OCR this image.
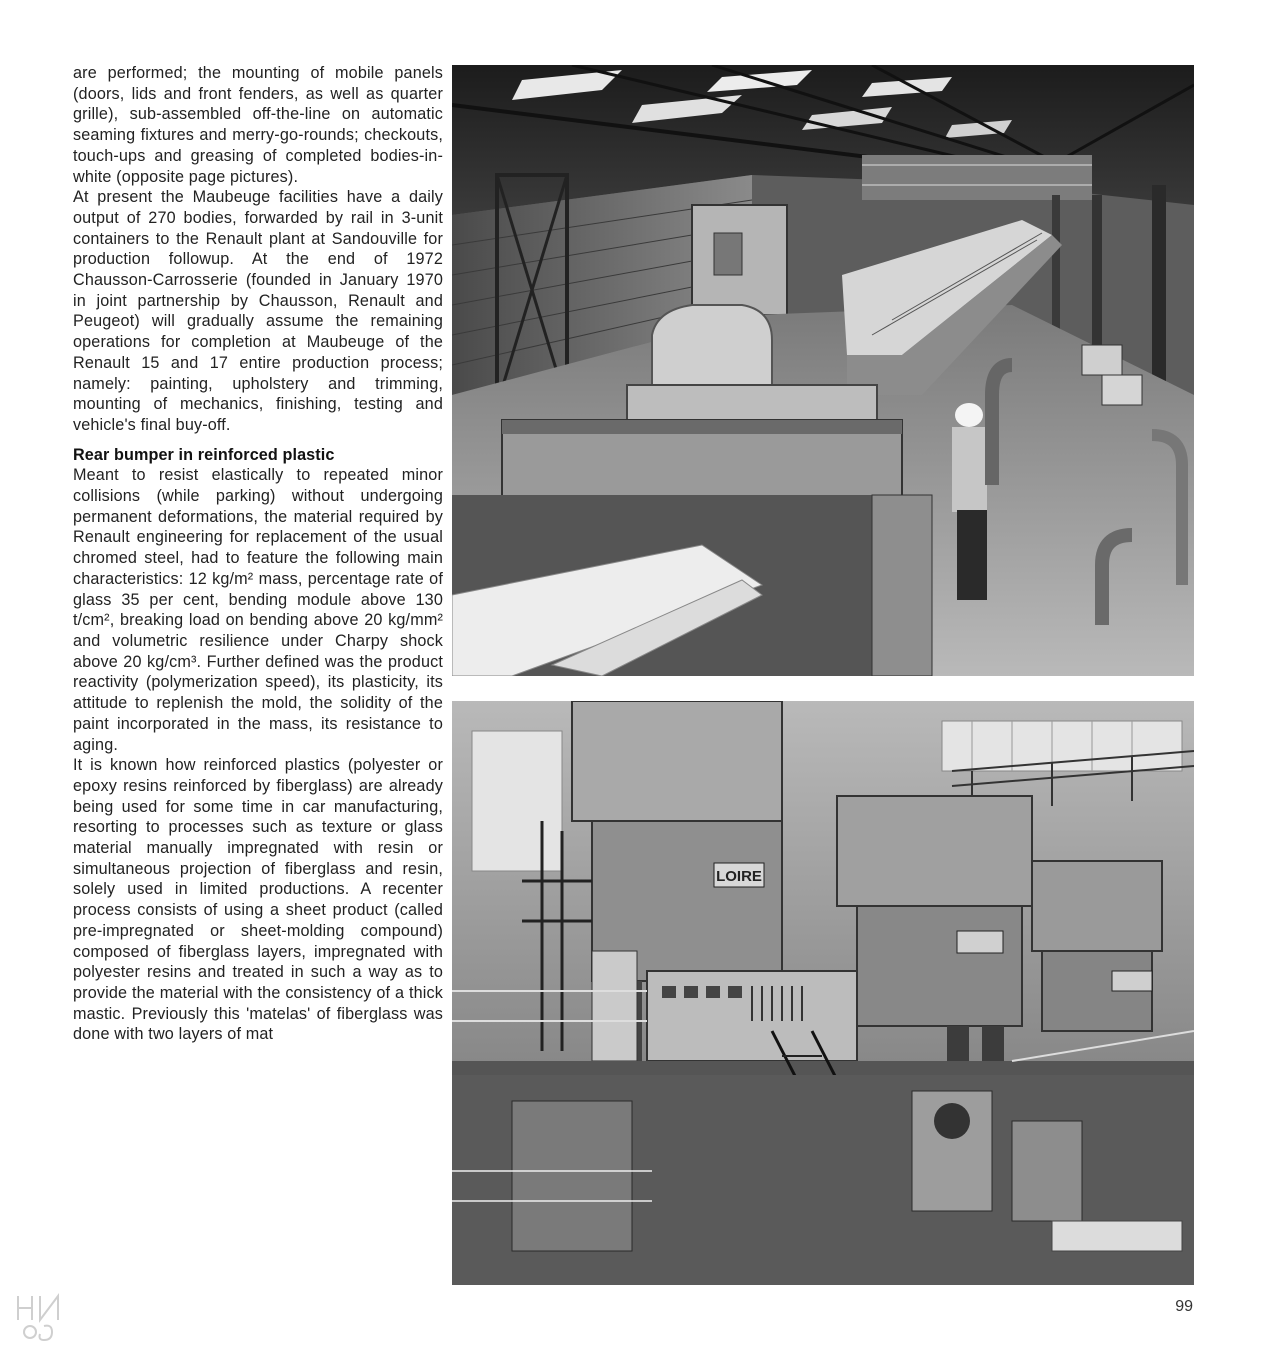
are performed; the mounting of mobile panels (doors, lids and front fenders, as well as quarter grille), sub-assembled off-the-line on automatic seaming fixtures and merry-go-rounds; checkouts, touch-ups and greasing of completed bodies-in-white (opposite page pictures).

At present the Maubeuge facilities have a daily output of 270 bodies, forwarded by rail in 3-unit containers to the Renault plant at Sandouville for production followup. At the end of 1972 Chausson-Carrosserie (founded in January 1970 in joint partnership by Chausson, Renault and Peugeot) will gradually assume the remaining operations for completion at Maubeuge of the Renault 15 and 17 entire production process; namely: painting, upholstery and trimming, mounting of mechanics, finishing, testing and vehicle's final buy-off.

Rear bumper in reinforced plastic

Meant to resist elastically to repeated minor collisions (while parking) without undergoing permanent deformations, the material required by Renault engineering for replacement of the usual chromed steel, had to feature the following main characteristics: 12 kg/m² mass, percentage rate of glass 35 per cent, bending module above 130 t/cm², breaking load on bending above 20 kg/mm² and volumetric resilience under Charpy shock above 20 kg/cm³. Further defined was the product reactivity (polymerization speed), its plasticity, its attitude to replenish the mold, the solidity of the paint incorporated in the mass, its resistance to aging.

It is known how reinforced plastics (polyester or epoxy resins reinforced by fiberglass) are already being used for some time in car manufacturing, resorting to processes such as texture or glass material manually impregnated with resin or simultaneous projection of fiberglass and resin, solely used in limited productions. A recenter process consists of using a sheet product (called pre-impregnated or sheet-molding compound) composed of fiberglass layers, impregnated with polyester resins and treated in such a way as to provide the material with the consistency of a thick mastic. Previously this 'matelas' of fiberglass was done with two layers of mat

LOIRE
99
